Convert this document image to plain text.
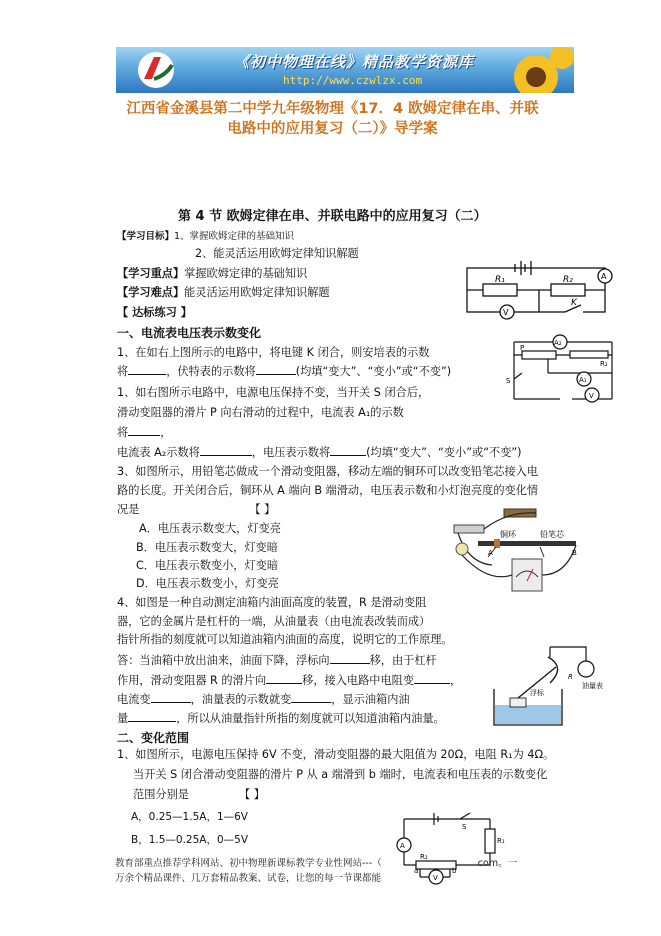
《初中物理在线》精品教学资源库
http://www.czwlzx.com
江西省金溪县第二中学九年级物理《17．4 欧姆定律在串、并联
电路中的应用复习（二）》导学案
第 4 节 欧姆定律在串、并联电路中的应用复习（二）
【学习目标】1、掌握欧姆定律的基础知识
2、能灵活运用欧姆定律知识解题
【学习重点】掌握欧姆定律的基础知识
【学习难点】能灵活运用欧姆定律知识解题
【 达标练习 】
R₁	R₂
K
A
V
一、电流表电压表示数变化
1、在如右上图所示的电路中，将电键 K 闭合，则安培表的示数
将	，伏特表的示数将	(均填“变大”、“变小”或“不变”)
1、如右图所示电路中，电源电压保持不变，当开关 S 闭合后，
滑动变阻器的滑片 P 向右滑动的过程中，电流表 A₁的示数
将	，
电流表 A₂示数将	，电压表示数将	(均填“变大”、“变小”或“不变”)
A₂
A₁
P
R₂
S
V
3、如图所示，用铅笔芯做成一个滑动变阻器，移动左端的铜环可以改变铅笔芯接入电
路的长度。开关闭合后，铜环从 A 端向 B 端滑动，电压表示数和小灯泡亮度的变化情
况是	【 】
A．电压表示数变大，灯变亮
B．电压表示数变大，灯变暗
C．电压表示数变小，灯变暗
D．电压表示数变小，灯变亮
铜环	铅笔芯
A	B
4、如图是一种自动测定油箱内油面高度的装置，R 是滑动变阻
器，它的金属片是杠杆的一端，从油量表（由电流表改装而成）
指针所指的刻度就可以知道油箱内油面的高度，说明它的工作原理。
答：当油箱中放出油来，油面下降，浮标向	移，由于杠杆
作用，滑动变阻器 R 的滑片向	移，接入电路中电阻变	，
电流变	，油量表的示数就变	，显示油箱内油
量	，所以从油量指针所指的刻度就可以知道油箱内油量。
浮标
油量表
R
二、变化范围
1、如图所示，电源电压保持 6V 不变，滑动变阻器的最大阻值为 20Ω，电阻 R₁为 4Ω。
当开关 S 闭合滑动变阻器的滑片 P 从 a 端滑到 b 端时，电流表和电压表的示数变化
范围分别是	【 】
A，0.25—1.5A，1—6V
B，1.5—0.25A，0—5V	A
S
R₁
R₂
a	b
V
教育部重点推荐学科网站、初中物理新课标教学专业性网站---（	com。一
万余个精品课件、几万套精品教案、试卷，让您的每一节课都能
